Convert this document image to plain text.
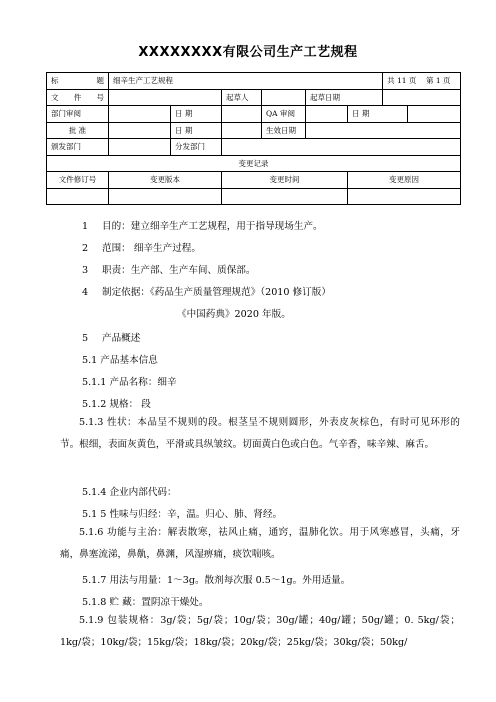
XXXXXXXX有限公司生产工艺规程
标 题	细辛生产工艺规程						共 11 页 第 1 页	
文 件 号			起草人		起草日期			
部门审阅		日 期		QA 审阅		日 期		
批 准		日 期		生效日期				
颁发部门		分发部门						
变更记录								
文件修订号	变更版本		变更时间			变更原因		

1 目的：建立细辛生产工艺规程，用于指导现场生产。
2 范围： 细辛生产过程。
3 职责：生产部、生产车间、质保部。
4 制定依据：《药品生产质量管理规范》（2010 修订版）
《中国药典》2020 年版。
5 产品概述
5.1 产品基本信息
5.1.1 产品名称：细辛
5.1.2 规格： 段
5.1.3 性状：本品呈不规则的段。根茎呈不规则圆形，外表皮灰棕色，有时可见环形的节。根细，表面灰黄色，平滑或具纵皱纹。切面黄白色或白色。气辛香，味辛辣、麻舌。
5.1.4 企业内部代码：
5.1 5 性味与归经：辛，温。归心、肺、肾经。
5.1.6 功能与主治：解表散寒，祛风止痛，通窍，温肺化饮。用于风寒感冒，头痛，牙痛，鼻塞流涕，鼻鼽，鼻渊，风湿痹痛，痰饮喘咳。
5.1.7 用法与用量：1～3g。散剂每次服 0.5～1g。外用适量。
5.1.8 贮 藏：置阴凉干燥处。
5.1.9 包装规格：3g/袋；5g/袋；10g/袋；30g/罐；40g/罐；50g/罐；0. 5kg/袋；1kg/袋；10kg/袋；15kg/袋；18kg/袋；20kg/袋；25kg/袋；30kg/袋；50kg/
